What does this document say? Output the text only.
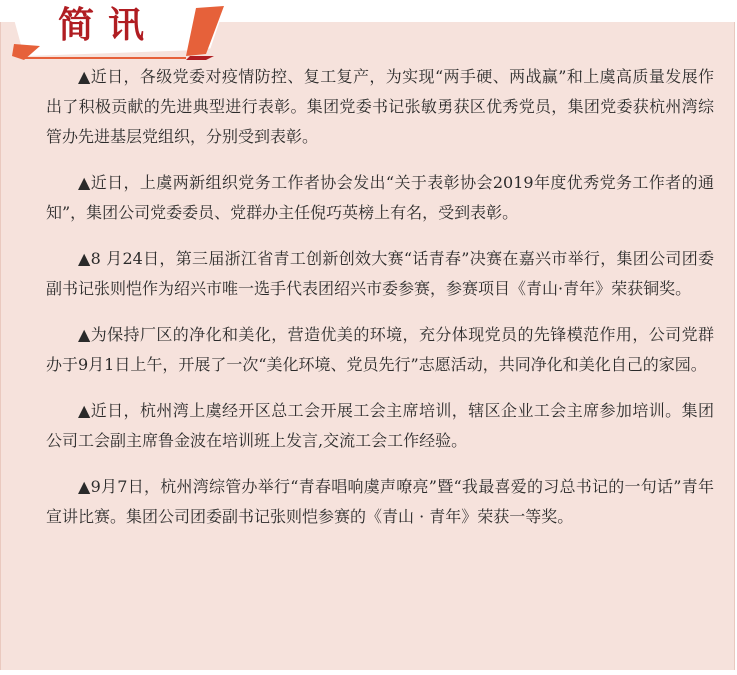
简讯

▲近日，各级党委对疫情防控、复工复产，为实现“两手硬、两战赢”和上虞高质量发展作出了积极贡献的先进典型进行表彰。集团党委书记张敏勇获区优秀党员，集团党委获杭州湾综管办先进基层党组织，分别受到表彰。

▲近日，上虞两新组织党务工作者协会发出“关于表彰协会2019年度优秀党务工作者的通知”，集团公司党委委员、党群办主任倪巧英榜上有名，受到表彰。

▲8 月24日，第三届浙江省青工创新创效大赛“话青春”决赛在嘉兴市举行，集团公司团委副书记张则恺作为绍兴市唯一选手代表团绍兴市委参赛，参赛项目《青山·青年》荣获铜奖。

▲为保持厂区的净化和美化，营造优美的环境，充分体现党员的先锋模范作用，公司党群办于9月1日上午，开展了一次“美化环境、党员先行”志愿活动，共同净化和美化自己的家园。

▲近日，杭州湾上虞经开区总工会开展工会主席培训，辖区企业工会主席参加培训。集团公司工会副主席鲁金波在培训班上发言,交流工会工作经验。

▲9月7日，杭州湾综管办举行“青春唱响虞声嘹亮”暨“我最喜爱的习总书记的一句话”青年宣讲比赛。集团公司团委副书记张则恺参赛的《青山 · 青年》荣获一等奖。
